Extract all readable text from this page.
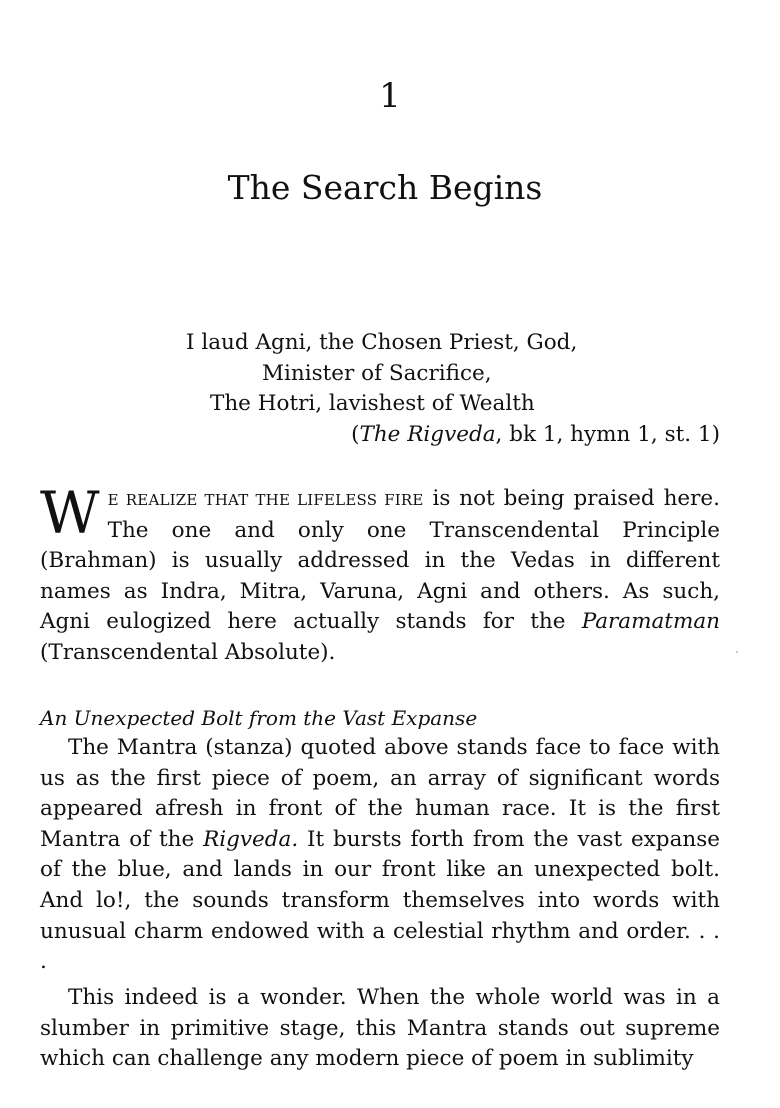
1
The Search Begins
I laud Agni, the Chosen Priest, God,
Minister of Sacrifice,
The Hotri, lavishest of Wealth
(The Rigveda, bk 1, hymn 1, st. 1)

W E REALIZE THAT THE LIFELESS FIRE is not being praised here. The one and only one Transcendental Principle (Brahman) is usually addressed in the Vedas in different names as Indra, Mitra, Varuna, Agni and others. As such, Agni eulogized here actually stands for the Paramatman (Transcendental Absolute).

An Unexpected Bolt from the Vast Expanse

The Mantra (stanza) quoted above stands face to face with us as the first piece of poem, an array of significant words appeared afresh in front of the human race. It is the first Mantra of the Rigveda. It bursts forth from the vast expanse of the blue, and lands in our front like an unexpected bolt. And lo!, the sounds transform themselves into words with unusual charm endowed with a celestial rhythm and order. . . .

This indeed is a wonder. When the whole world was in a slumber in primitive stage, this Mantra stands out supreme which can challenge any modern piece of poem in sublimity
